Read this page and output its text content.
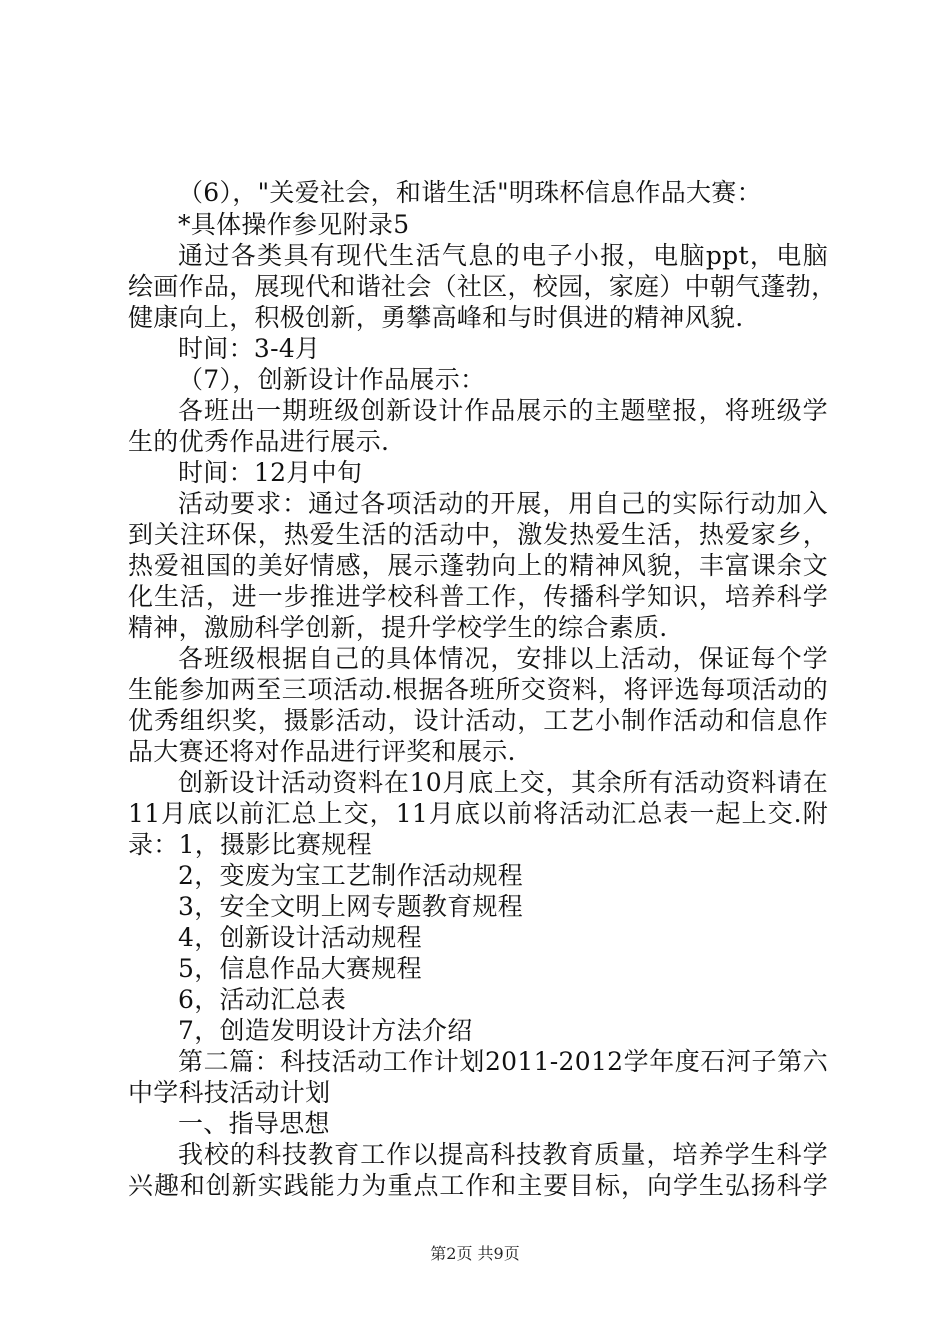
（6），"关爱社会，和谐生活"明珠杯信息作品大赛：
*具体操作参见附录5
通过各类具有现代生活气息的电子小报，电脑ppt，电脑
绘画作品，展现代和谐社会（社区，校园，家庭）中朝气蓬勃，
健康向上，积极创新，勇攀高峰和与时俱进的精神风貌.
时间：3-4月
（7），创新设计作品展示：
各班出一期班级创新设计作品展示的主题壁报，将班级学
生的优秀作品进行展示.
时间：12月中旬
活动要求：通过各项活动的开展，用自己的实际行动加入
到关注环保，热爱生活的活动中，激发热爱生活，热爱家乡，
热爱祖国的美好情感，展示蓬勃向上的精神风貌，丰富课余文
化生活，进一步推进学校科普工作，传播科学知识，培养科学
精神，激励科学创新，提升学校学生的综合素质.
各班级根据自己的具体情况，安排以上活动，保证每个学
生能参加两至三项活动.根据各班所交资料，将评选每项活动的
优秀组织奖，摄影活动，设计活动，工艺小制作活动和信息作
品大赛还将对作品进行评奖和展示.
创新设计活动资料在10月底上交，其余所有活动资料请在
11月底以前汇总上交，11月底以前将活动汇总表一起上交.附
录：1，摄影比赛规程
2，变废为宝工艺制作活动规程
3，安全文明上网专题教育规程
4，创新设计活动规程
5，信息作品大赛规程
6，活动汇总表
7，创造发明设计方法介绍
第二篇：科技活动工作计划2011-2012学年度石河子第六
中学科技活动计划
一、指导思想
我校的科技教育工作以提高科技教育质量，培养学生科学
兴趣和创新实践能力为重点工作和主要目标，向学生弘扬科学
第2页 共9页
